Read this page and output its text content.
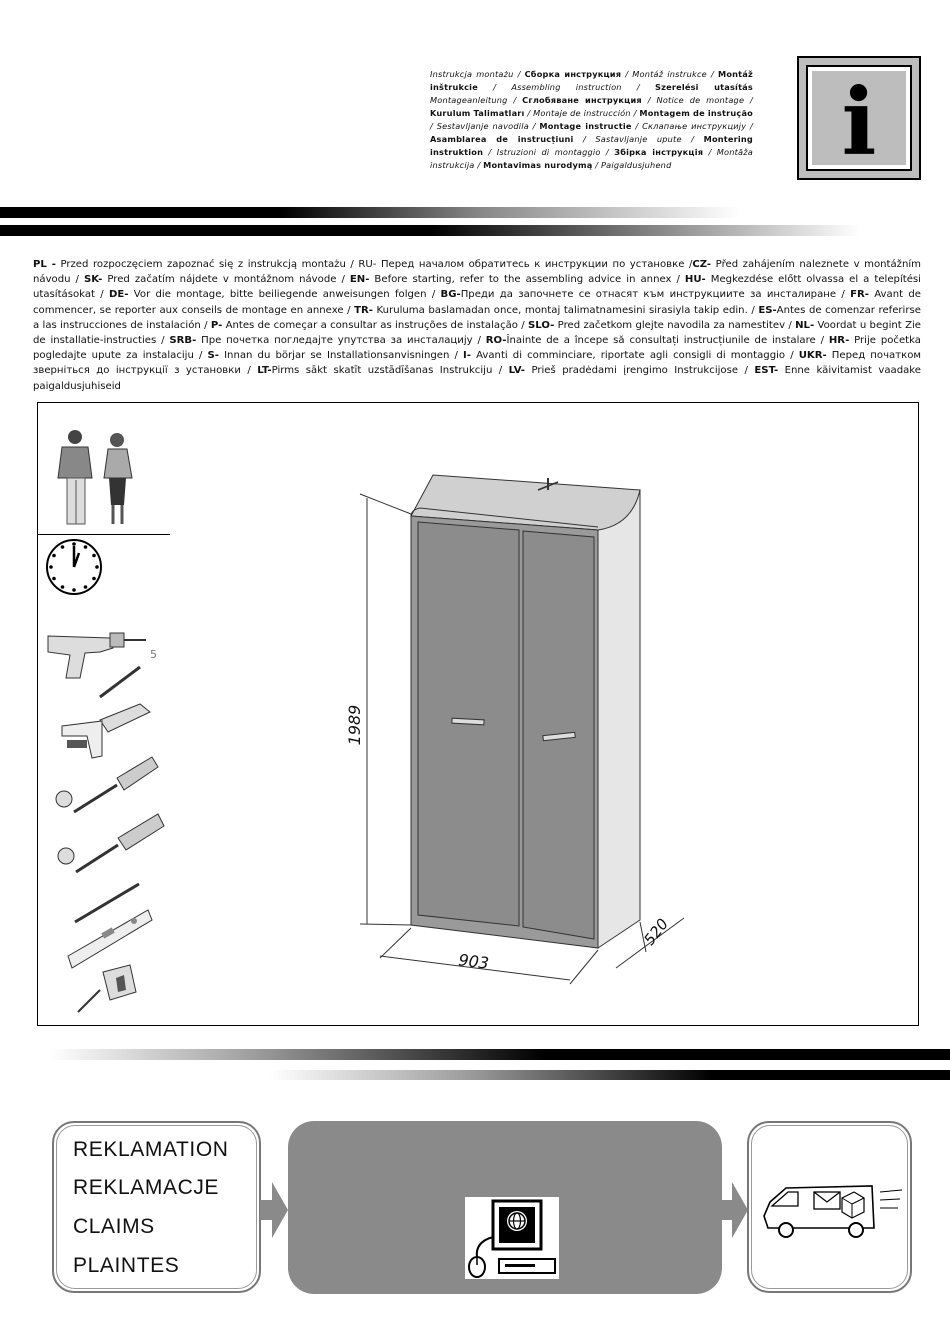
Instrukcja montażu / Сборка инструкция / Montáž instrukce / Montáž inštrukcie / Assembling instruction / Szerelési utasítás Montageanleitung / Сглобяване инструкция / Notice de montage / Kurulum Talimatları / Montaje de instrucción / Montagem de instrução / Sestavljanje navodila / Montage instructie / Склапање инструкцију / Asamblarea de instrucțiuni / Sastavljanje upute / Montering instruktion / Istruzioni di montaggio / Збірка інструкція / Montāža instrukcija / Montavimas nurodymą / Paigaldusjuhend	i
PL - Przed rozpoczęciem zapoznać się z instrukcją montażu / RU- Перед началом обратитесь к инструкции по установке /CZ- Před zahájením naleznete v montážním návodu / SK- Pred začatím nájdete v montážnom návode / EN- Before starting, refer to the assembling advice in annex / HU- Megkezdése előtt olvassa el a telepítési utasításokat / DE- Vor die montage, bitte beiliegende anweisungen folgen / BG-Преди да започнете се отнасят към инструкциите за инсталиране / FR- Avant de commencer, se reporter aux conseils de montage en annexe / TR- Kuruluma baslamadan once, montaj talimatnamesini sirasiyla takip edin. / ES-Antes de comenzar referirse a las instrucciones de instalación / P- Antes de começar a consultar as instruções de instalação / SLO- Pred začetkom glejte navodila za namestitev / NL- Voordat u begint Zie de installatie-instructies / SRB- Пре почетка погледајте упутства за инсталацију / RO-Înainte de a începe să consultați instrucțiunile de instalare / HR- Prije početka pogledajte upute za instalaciju / S- Innan du börjar se Installationsanvisningen / I- Avanti di comminciare, riportate agli consigli di montaggio / UKR- Перед початком зверніться до інструкції з установки / LT-Pirms sākt skatīt uzstādīšanas Instrukciju / LV- Prieš pradėdami įrengimo Instrukcijose / EST- Enne käivitamist vaadake paigaldusjuhiseid
5
1989
903
520
REKLAMATION
REKLAMACJE
CLAIMS
PLAINTES
